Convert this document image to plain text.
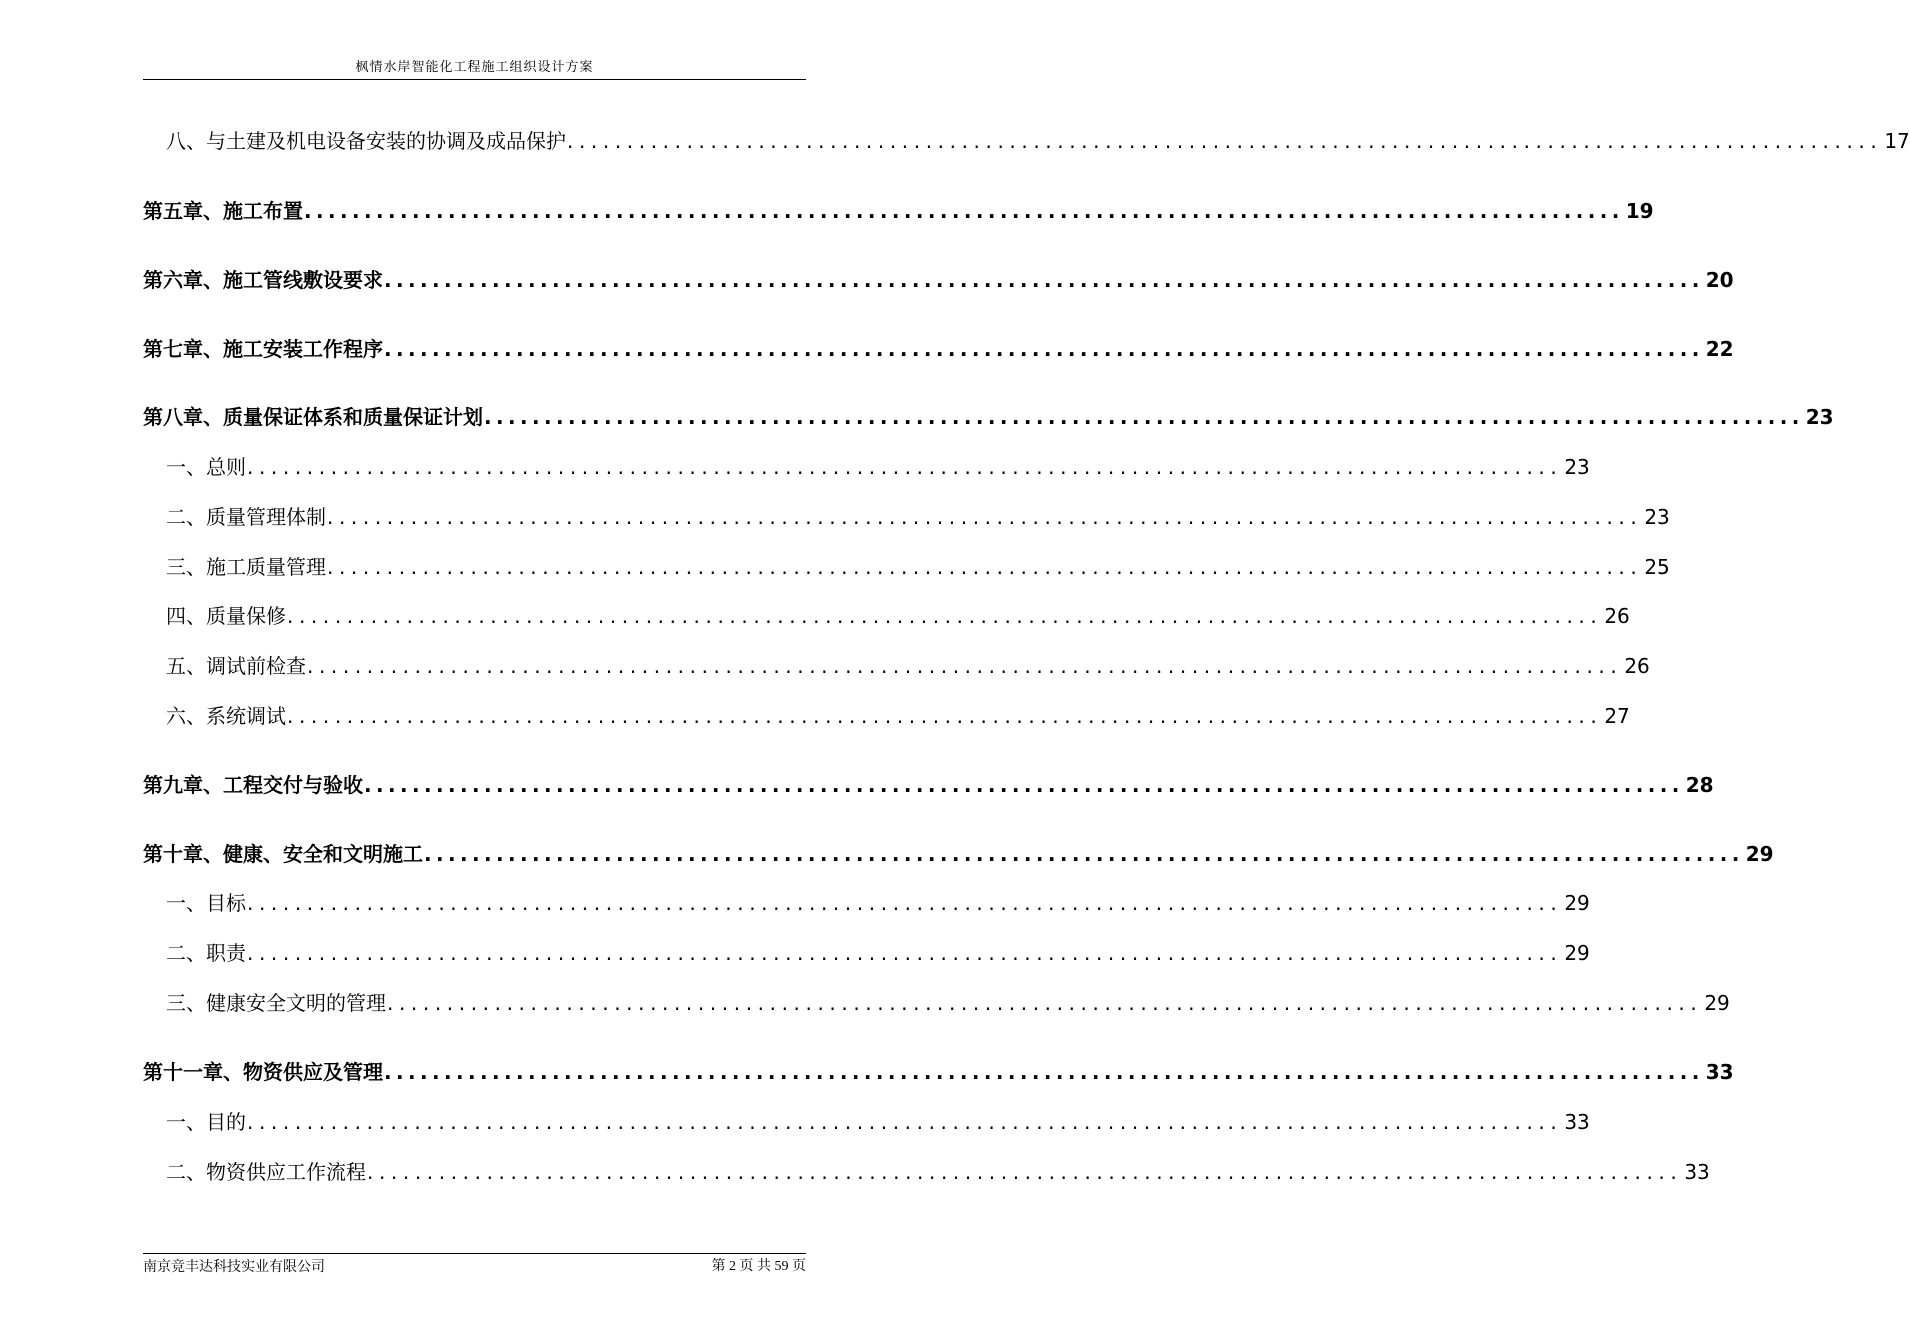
枫情水岸智能化工程施工组织设计方案
八、与土建及机电设备安装的协调及成品保护 .............................................................................................................. 17
第五章、施工布置 .............................................................................................................. 19
第六章、施工管线敷设要求 .............................................................................................................. 20
第七章、施工安装工作程序 .............................................................................................................. 22
第八章、质量保证体系和质量保证计划 .............................................................................................................. 23
一、总则 .............................................................................................................. 23
二、质量管理体制 .............................................................................................................. 23
三、施工质量管理 .............................................................................................................. 25
四、质量保修 .............................................................................................................. 26
五、调试前检查 .............................................................................................................. 26
六、系统调试 .............................................................................................................. 27
第九章、工程交付与验收 .............................................................................................................. 28
第十章、健康、安全和文明施工 .............................................................................................................. 29
一、目标 .............................................................................................................. 29
二、职责 .............................................................................................................. 29
三、健康安全文明的管理 .............................................................................................................. 29
第十一章、物资供应及管理 .............................................................................................................. 33
一、目的 .............................................................................................................. 33
二、物资供应工作流程 .............................................................................................................. 33
南京竞丰达科技实业有限公司	第
2
页 共
59
页
